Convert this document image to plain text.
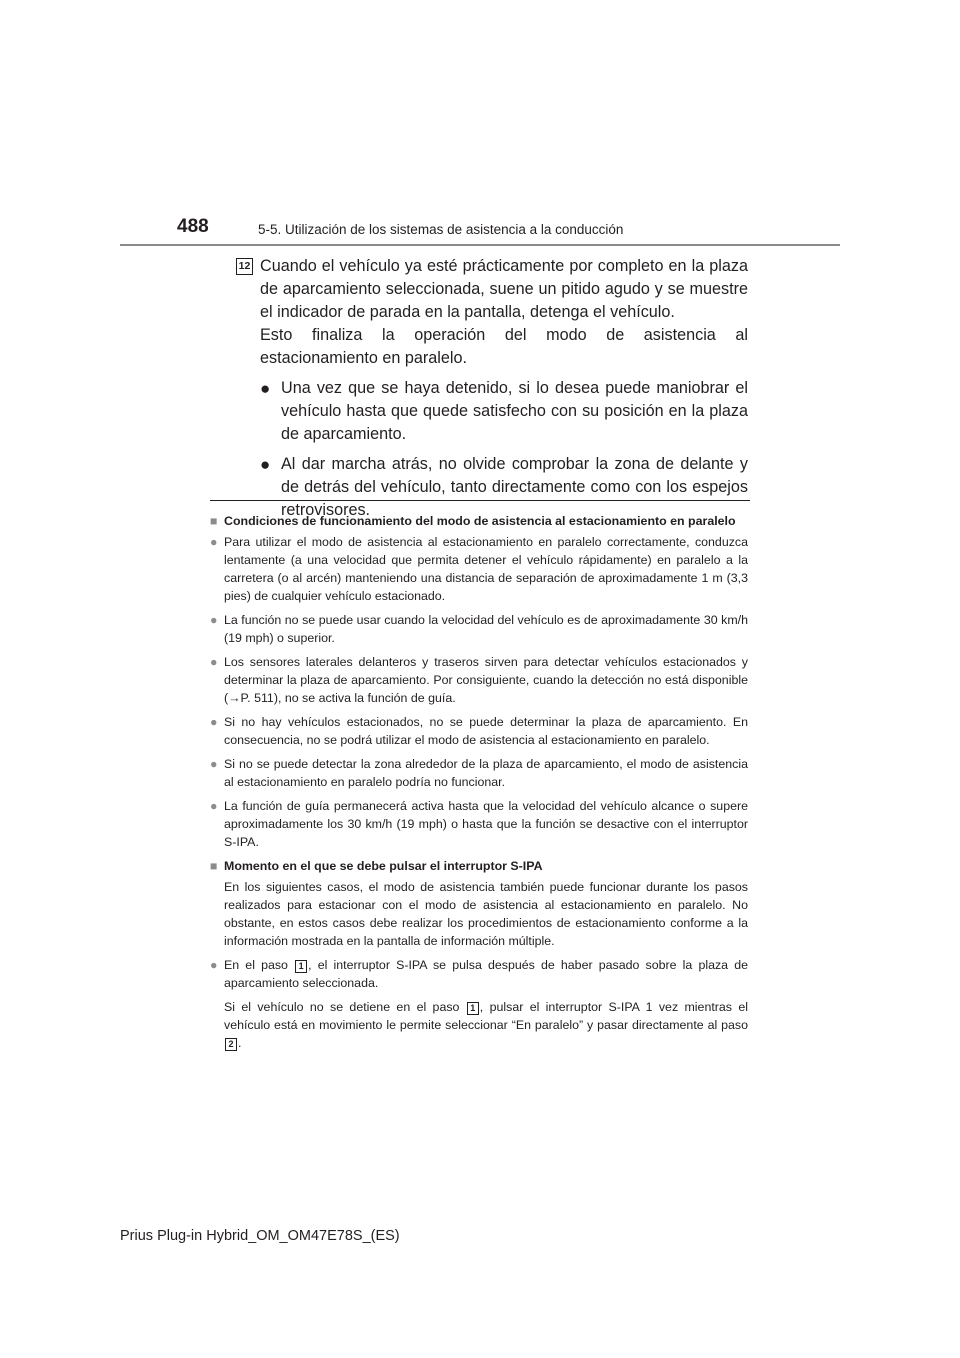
488	5-5. Utilización de los sistemas de asistencia a la conducción
12 Cuando el vehículo ya esté prácticamente por completo en la plaza de aparcamiento seleccionada, suene un pitido agudo y se muestre el indicador de parada en la pantalla, detenga el vehículo.

Esto finaliza la operación del modo de asistencia al estacionamiento en paralelo.

● Una vez que se haya detenido, si lo desea puede maniobrar el vehículo hasta que quede satisfecho con su posición en la plaza de aparcamiento.
● Al dar marcha atrás, no olvide comprobar la zona de delante y de detrás del vehículo, tanto directamente como con los espejos retrovisores.
■ Condiciones de funcionamiento del modo de asistencia al estacionamiento en paralelo
● Para utilizar el modo de asistencia al estacionamiento en paralelo correctamente, conduzca lentamente (a una velocidad que permita detener el vehículo rápidamente) en paralelo a la carretera (o al arcén) manteniendo una distancia de separación de aproximadamente 1 m (3,3 pies) de cualquier vehículo estacionado.
● La función no se puede usar cuando la velocidad del vehículo es de aproximadamente 30 km/h (19 mph) o superior.
● Los sensores laterales delanteros y traseros sirven para detectar vehículos estacionados y determinar la plaza de aparcamiento. Por consiguiente, cuando la detección no está disponible (→P. 511), no se activa la función de guía.
● Si no hay vehículos estacionados, no se puede determinar la plaza de aparcamiento. En consecuencia, no se podrá utilizar el modo de asistencia al estacionamiento en paralelo.
● Si no se puede detectar la zona alrededor de la plaza de aparcamiento, el modo de asistencia al estacionamiento en paralelo podría no funcionar.
● La función de guía permanecerá activa hasta que la velocidad del vehículo alcance o supere aproximadamente los 30 km/h (19 mph) o hasta que la función se desactive con el interruptor S-IPA.
■ Momento en el que se debe pulsar el interruptor S-IPA

En los siguientes casos, el modo de asistencia también puede funcionar durante los pasos realizados para estacionar con el modo de asistencia al estacionamiento en paralelo. No obstante, en estos casos debe realizar los procedimientos de estacionamiento conforme a la información mostrada en la pantalla de información múltiple.

● En el paso 1 , el interruptor S-IPA se pulsa después de haber pasado sobre la plaza de aparcamiento seleccionada.

Si el vehículo no se detiene en el paso 1 , pulsar el interruptor S-IPA 1 vez mientras el vehículo está en movimiento le permite seleccionar “En paralelo” y pasar directamente al paso 2 .

Prius Plug-in Hybrid_OM_OM47E78S_(ES)
